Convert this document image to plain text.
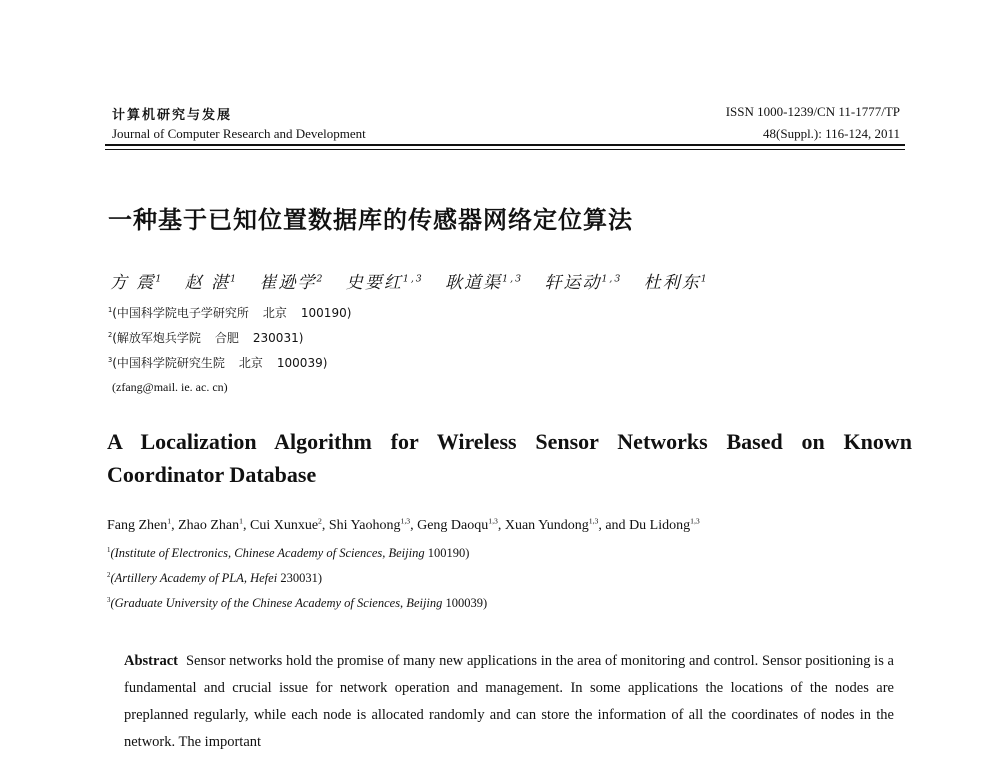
计算机研究与发展
Journal of Computer Research and Development
ISSN 1000-1239/CN 11-1777/TP
48(Suppl.): 116-124, 2011
一种基于已知位置数据库的传感器网络定位算法
方 震$^1$ 赵 湛$^1$ 崔逊学$^2$ 史要红$^{1,3}$ 耿道渠$^{1,3}$ 轩运动$^{1,3}$ 杜利东$^1$
$^1$(中国科学院电子学研究所 北京 100190)
$^2$(解放军炮兵学院 合肥 230031)
$^3$(中国科学院研究生院 北京 100039)
(zfang@mail. ie. ac. cn)
A Localization Algorithm for Wireless Sensor Networks Based on Known Coordinator Database
Fang Zhen$^1$, Zhao Zhan$^1$, Cui Xunxue$^2$, Shi Yaohong$^{1,3}$, Geng Daoqu$^{1,3}$, Xuan Yundong$^{1,3}$, and Du Lidong$^{1,3}$
$^1$(Institute of Electronics, Chinese Academy of Sciences, Beijing 100190)
$^2$(Artillery Academy of PLA, Hefei 230031)
$^3$(Graduate University of the Chinese Academy of Sciences, Beijing 100039)
Abstract Sensor networks hold the promise of many new applications in the area of monitoring and control. Sensor positioning is a fundamental and crucial issue for network operation and management. In some applications the locations of the nodes are preplanned regularly, while each node is allocated randomly and can store the information of all the coordinates of nodes in the network. The important
